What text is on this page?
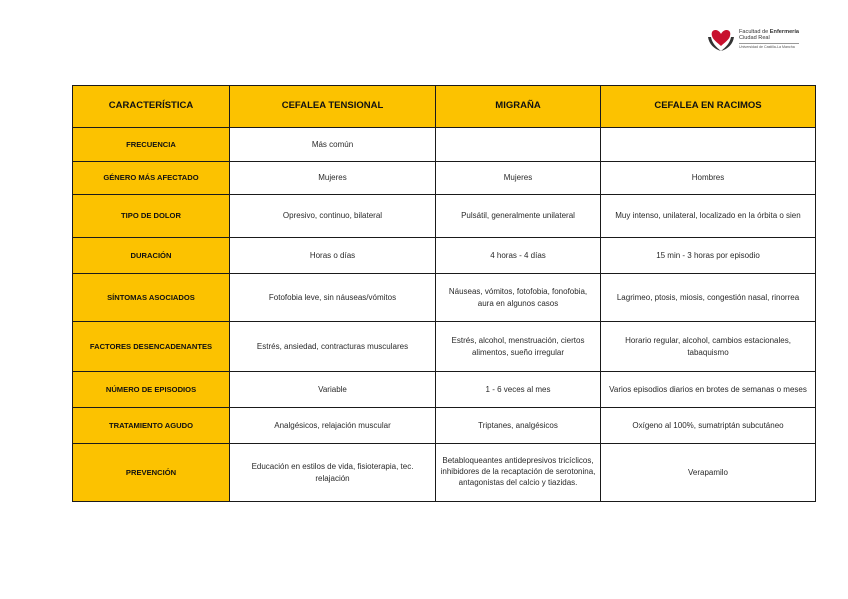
Facultad de Enfermería
Ciudad Real
Universidad de Castilla-La Mancha
CARACTERÍSTICA	CEFALEA TENSIONAL	MIGRAÑA	CEFALEA EN RACIMOS
FRECUENCIA	Más común		
GÉNERO MÁS AFECTADO	Mujeres	Mujeres	Hombres
TIPO DE DOLOR	Opresivo, continuo, bilateral	Pulsátil, generalmente unilateral	Muy intenso, unilateral, localizado en la órbita o sien
DURACIÓN	Horas o días	4 horas - 4 días	15 min - 3 horas por episodio
SÍNTOMAS ASOCIADOS	Fotofobia leve, sin náuseas/vómitos	Náuseas, vómitos, fotofobia, fonofobia, aura en algunos casos	Lagrimeo, ptosis, miosis, congestión nasal, rinorrea
FACTORES DESENCADENANTES	Estrés, ansiedad, contracturas musculares	Estrés, alcohol, menstruación, ciertos alimentos, sueño irregular	Horario regular, alcohol, cambios estacionales, tabaquismo
NÚMERO DE EPISODIOS	Variable	1 - 6 veces al mes	Varios episodios diarios en brotes de semanas o meses
TRATAMIENTO AGUDO	Analgésicos, relajación muscular	Triptanes, analgésicos	Oxígeno al 100%, sumatriptán subcutáneo
PREVENCIÓN	Educación en estilos de vida, fisioterapia, tec. relajación	Betabloqueantes antidepresivos tricíclicos, inhibidores de la recaptación de serotonina, antagonistas del calcio y tiazidas.	Verapamilo
